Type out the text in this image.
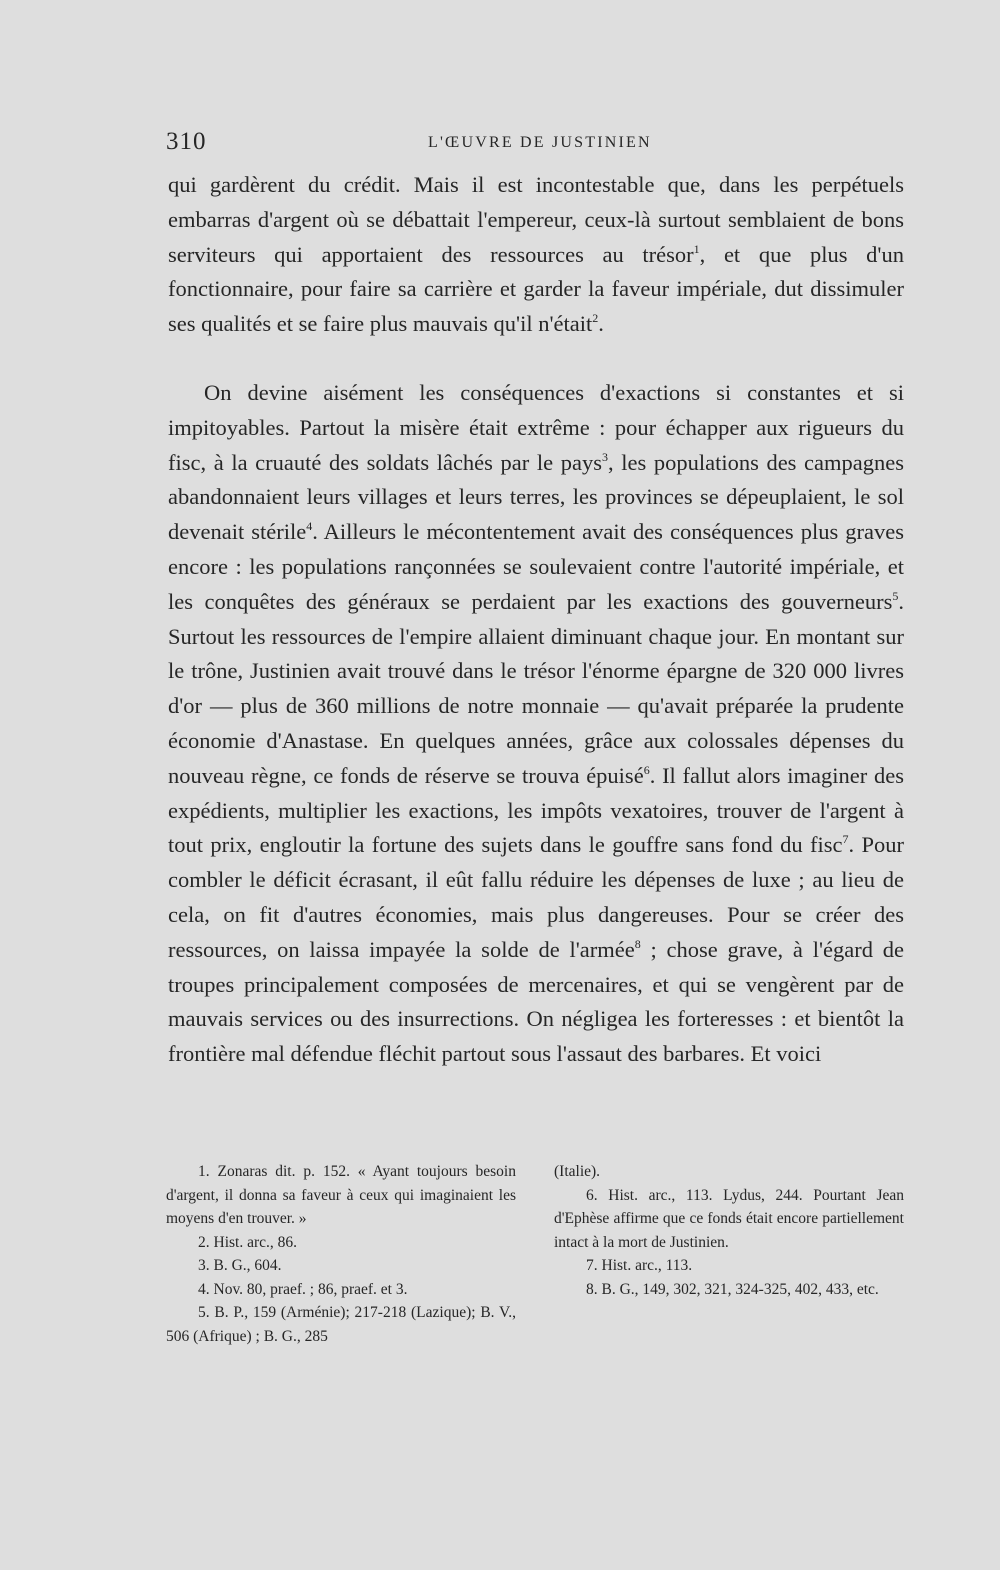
310	L'ŒUVRE DE JUSTINIEN

qui gardèrent du crédit. Mais il est incontestable que, dans les perpétuels embarras d'argent où se débattait l'empereur, ceux-là surtout semblaient de bons serviteurs qui apportaient des ressources au trésor$^1$, et que plus d'un fonctionnaire, pour faire sa carrière et garder la faveur impériale, dut dissimuler ses qualités et se faire plus mauvais qu'il n'était$^2$.

On devine aisément les conséquences d'exactions si constantes et si impitoyables. Partout la misère était extrême : pour échapper aux rigueurs du fisc, à la cruauté des soldats lâchés par le pays$^3$, les populations des campagnes abandonnaient leurs villages et leurs terres, les provinces se dépeuplaient, le sol devenait stérile$^4$. Ailleurs le mécontentement avait des conséquences plus graves encore : les populations rançonnées se soulevaient contre l'autorité impériale, et les conquêtes des généraux se perdaient par les exactions des gouverneurs$^5$. Surtout les ressources de l'empire allaient diminuant chaque jour. En montant sur le trône, Justinien avait trouvé dans le trésor l'énorme épargne de 320 000 livres d'or — plus de 360 millions de notre monnaie — qu'avait préparée la prudente économie d'Anastase. En quelques années, grâce aux colossales dépenses du nouveau règne, ce fonds de réserve se trouva épuisé$^6$. Il fallut alors imaginer des expédients, multiplier les exactions, les impôts vexatoires, trouver de l'argent à tout prix, engloutir la fortune des sujets dans le gouffre sans fond du fisc$^7$. Pour combler le déficit écrasant, il eût fallu réduire les dépenses de luxe ; au lieu de cela, on fit d'autres économies, mais plus dangereuses. Pour se créer des ressources, on laissa impayée la solde de l'armée$^8$ ; chose grave, à l'égard de troupes principalement composées de mercenaires, et qui se vengèrent par de mauvais services ou des insurrections. On négligea les forteresses : et bientôt la frontière mal défendue fléchit partout sous l'assaut des barbares. Et voici

1. Zonaras dit. p. 152. « Ayant toujours besoin d'argent, il donna sa faveur à ceux qui imaginaient les moyens d'en trouver. »
2. Hist. arc., 86.
3. B. G., 604.
4. Nov. 80, praef. ; 86, praef. et 3.
5. B. P., 159 (Arménie); 217-218 (Lazique); B. V., 506 (Afrique) ; B. G., 285
(Italie).
6. Hist. arc., 113. Lydus, 244. Pourtant Jean d'Ephèse affirme que ce fonds était encore partiellement intact à la mort de Justinien.
7. Hist. arc., 113.
8. B. G., 149, 302, 321, 324-325, 402, 433, etc.
